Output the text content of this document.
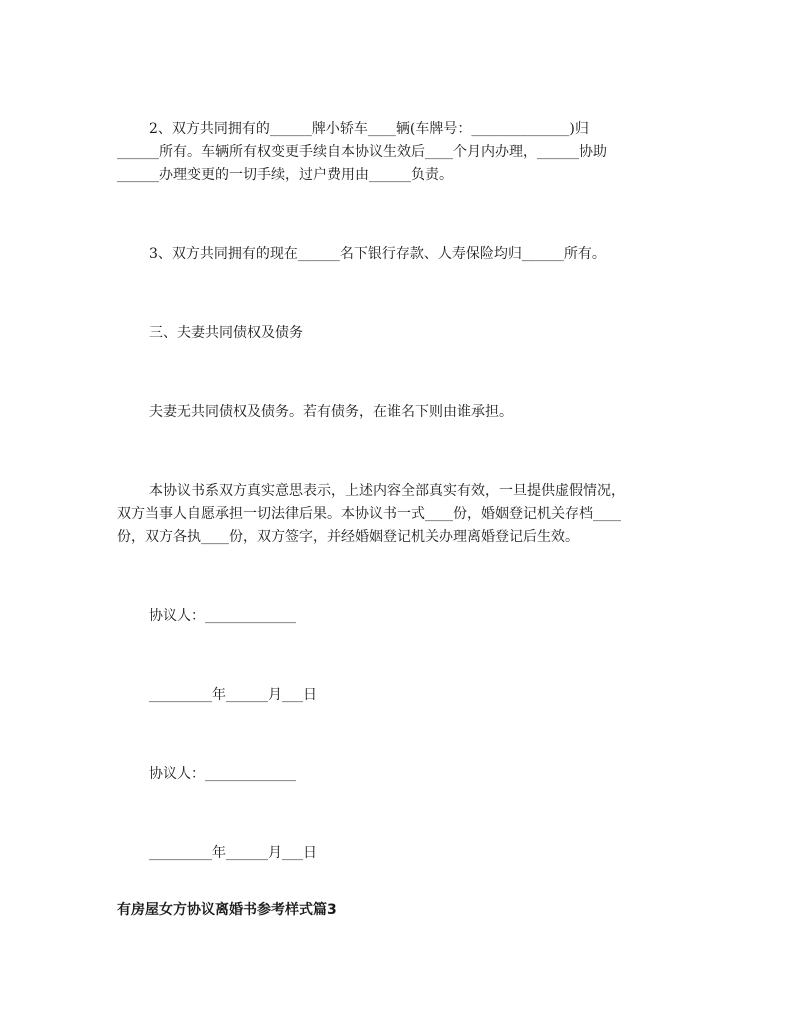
2、双方共同拥有的______牌小轿车____辆(车牌号：______________)归

______所有。车辆所有权变更手续自本协议生效后____个月内办理，______协助

______办理变更的一切手续，过户费用由______负责。

3、双方共同拥有的现在______名下银行存款、人寿保险均归______所有。

三、夫妻共同债权及债务

夫妻无共同债权及债务。若有债务，在谁名下则由谁承担。

本协议书系双方真实意思表示，上述内容全部真实有效，一旦提供虚假情况，

双方当事人自愿承担一切法律后果。本协议书一式____份，婚姻登记机关存档____

份，双方各执____份，双方签字，并经婚姻登记机关办理离婚登记后生效。

协议人：_____________

_________年______月___日

协议人：_____________

_________年______月___日

有房屋女方协议离婚书参考样式篇3
